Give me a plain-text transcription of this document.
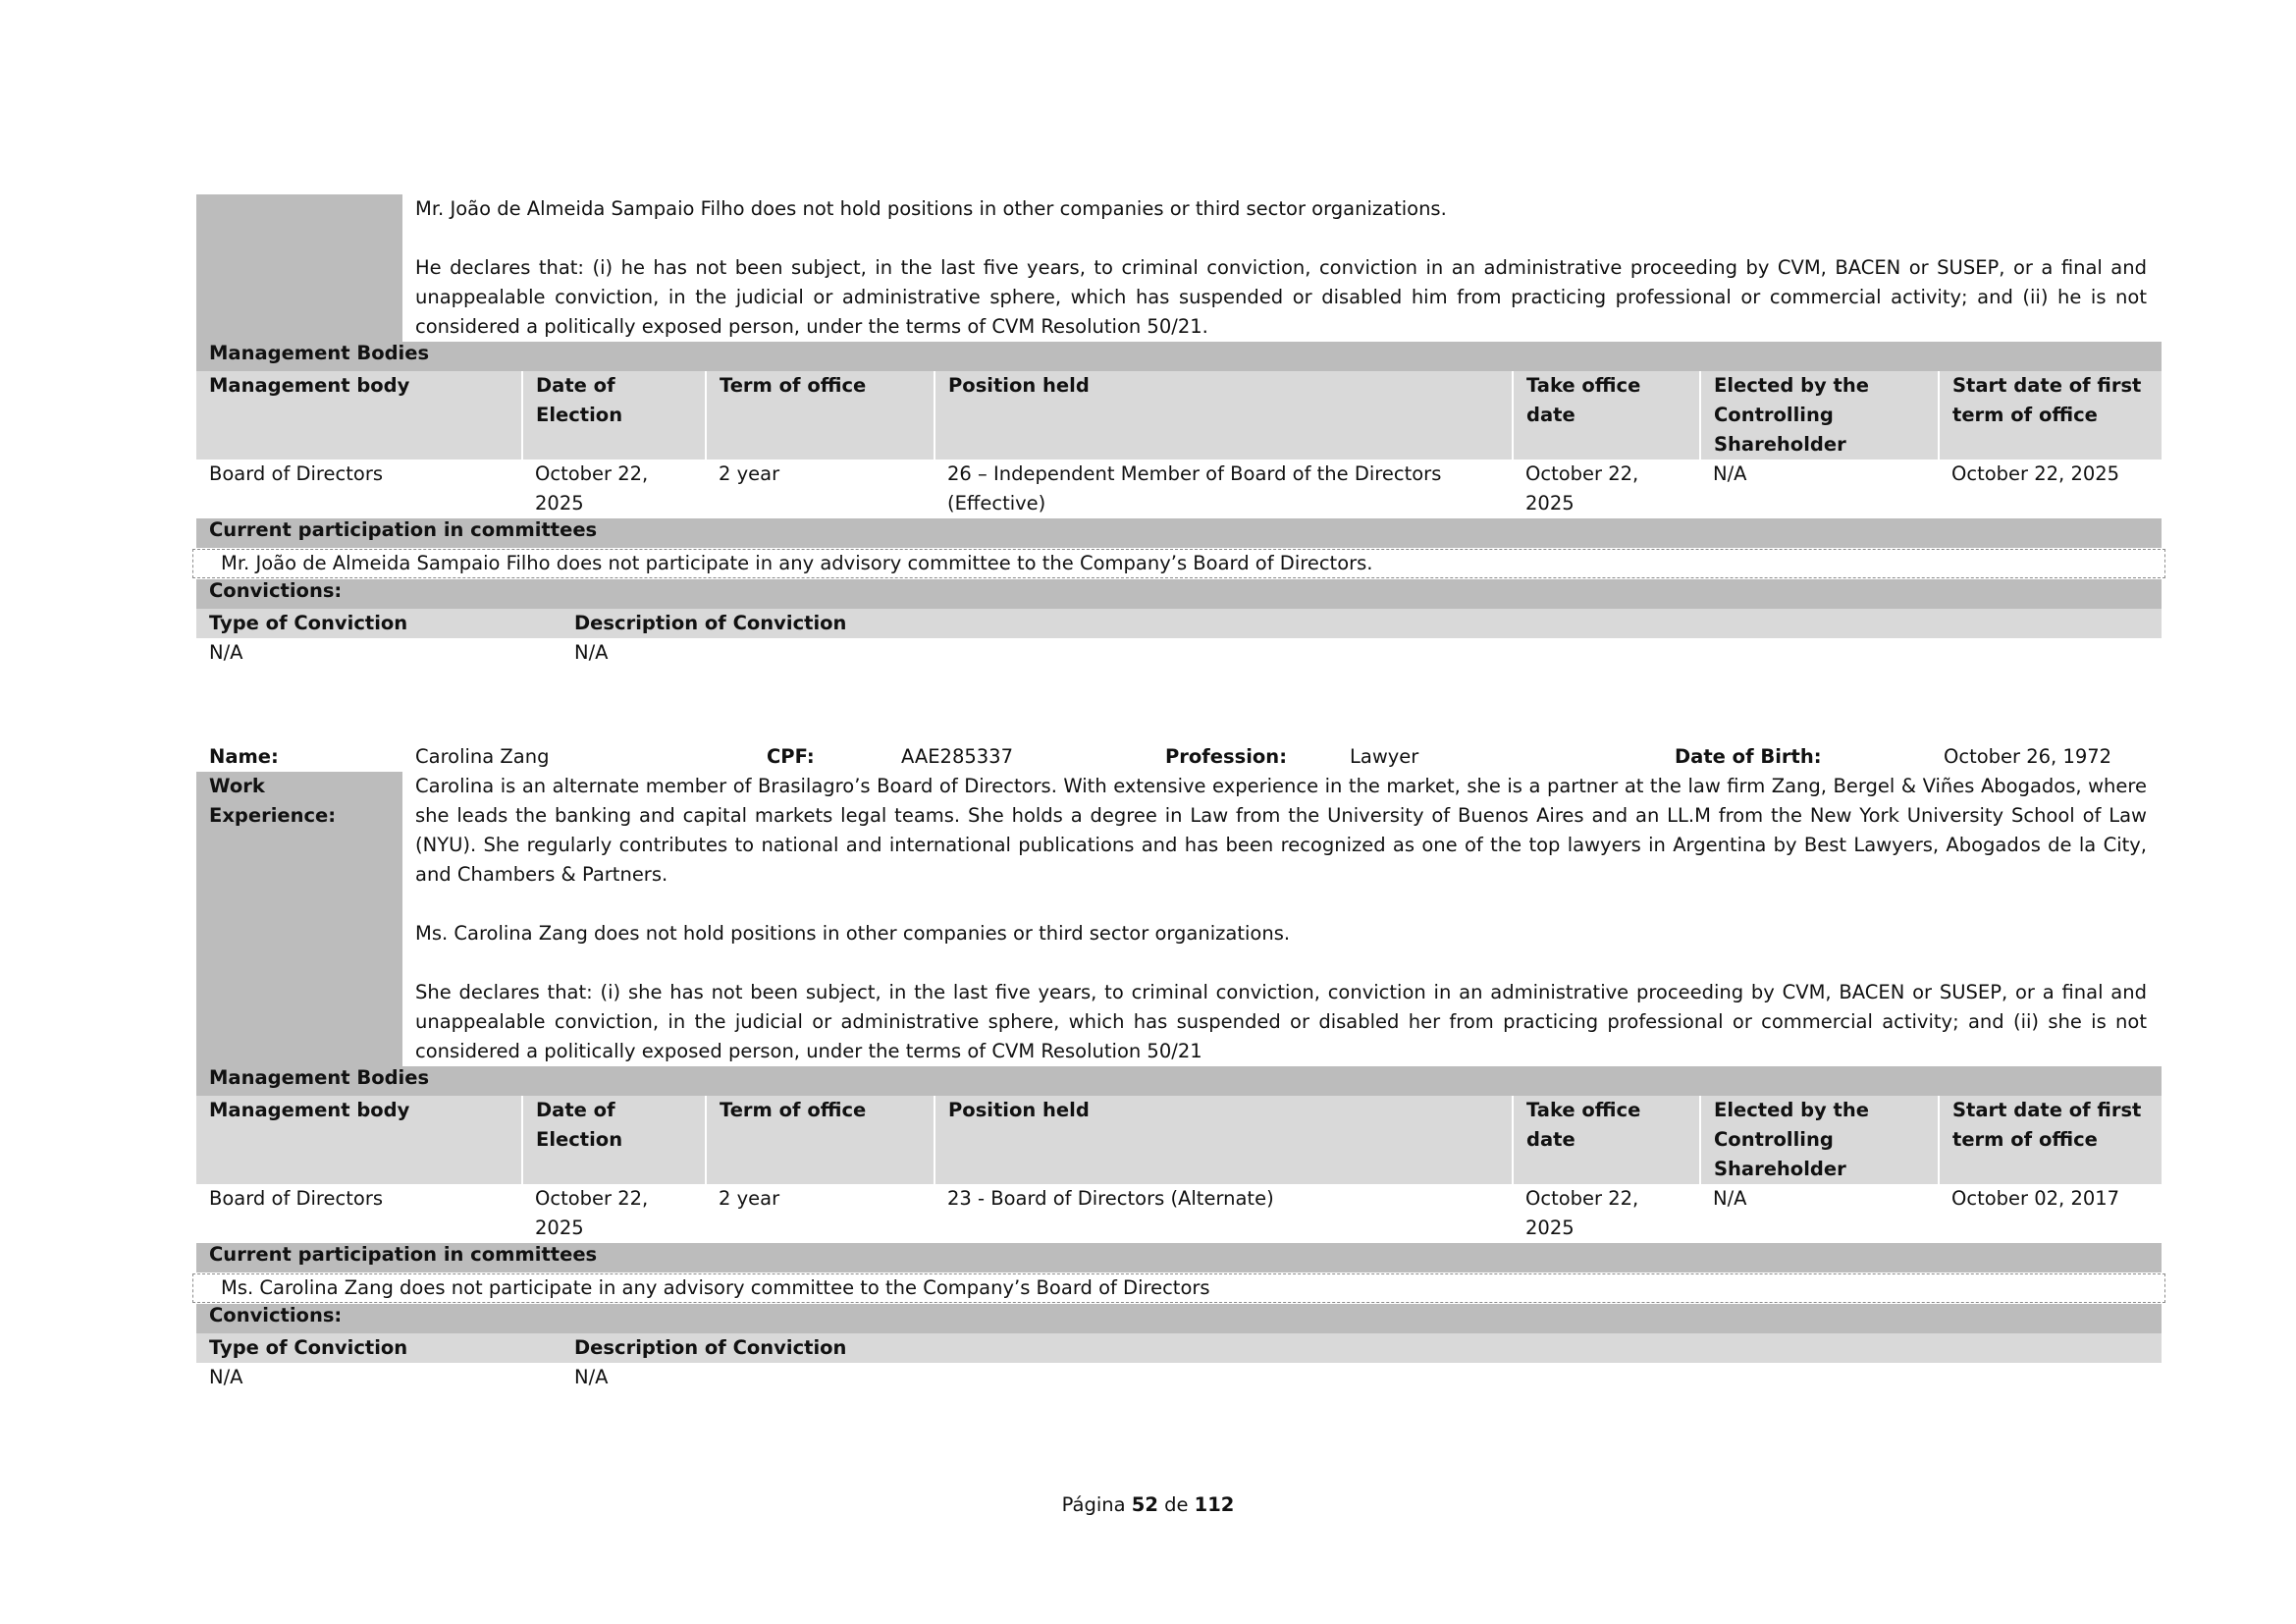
Mr. João de Almeida Sampaio Filho does not hold positions in other companies or third sector organizations.

He declares that: (i) he has not been subject, in the last five years, to criminal conviction, conviction in an administrative proceeding by CVM, BACEN or SUSEP, or a final and unappealable conviction, in the judicial or administrative sphere, which has suspended or disabled him from practicing professional or commercial activity; and (ii) he is not considered a politically exposed person, under the terms of CVM Resolution 50/21.

Management Bodies
Management body	Date of Election	Term of office	Position held	Take office date	Elected by the Controlling Shareholder	Start date of first term of office
Board of Directors	October 22, 2025	2 year	26 – Independent Member of Board of the Directors (Effective)	October 22, 2025	N/A	October 22, 2025
Current participation in committees
Mr. João de Almeida Sampaio Filho does not participate in any advisory committee to the Company’s Board of Directors.
Convictions:
Type of Conviction	Description of Conviction
N/A	N/A
Name:	Carolina Zang	CPF:	AAE285337	Profession:	Lawyer	Date of Birth:	October 26, 1972
Work Experience:	

Carolina is an alternate member of Brasilagro’s Board of Directors. With extensive experience in the market, she is a partner at the law firm Zang, Bergel & Viñes Abogados, where she leads the banking and capital markets legal teams. She holds a degree in Law from the University of Buenos Aires and an LL.M from the New York University School of Law (NYU). She regularly contributes to national and international publications and has been recognized as one of the top lawyers in Argentina by Best Lawyers, Abogados de la City, and Chambers & Partners.

Ms. Carolina Zang does not hold positions in other companies or third sector organizations.

She declares that: (i) she has not been subject, in the last five years, to criminal conviction, conviction in an administrative proceeding by CVM, BACEN or SUSEP, or a final and unappealable conviction, in the judicial or administrative sphere, which has suspended or disabled her from practicing professional or commercial activity; and (ii) she is not considered a politically exposed person, under the terms of CVM Resolution 50/21

Management Bodies
Management body	Date of Election	Term of office	Position held	Take office date	Elected by the Controlling Shareholder	Start date of first term of office
Board of Directors	October 22, 2025	2 year	23 - Board of Directors (Alternate)	October 22, 2025	N/A	October 02, 2017
Current participation in committees
Ms. Carolina Zang does not participate in any advisory committee to the Company’s Board of Directors
Convictions:
Type of Conviction	Description of Conviction
N/A	N/A
Página 52 de 112
